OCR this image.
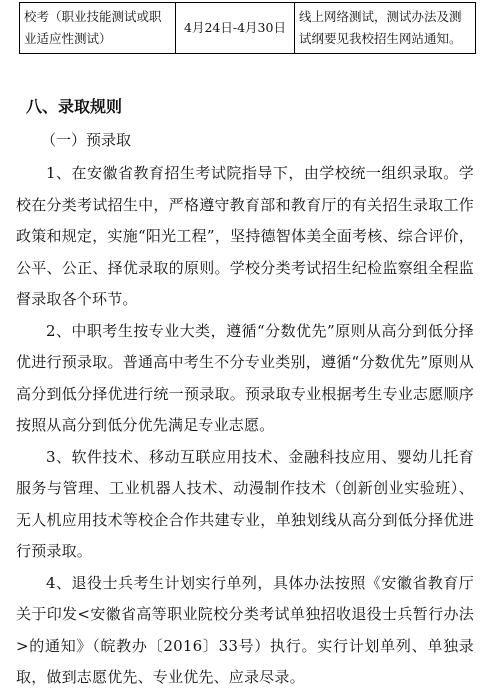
校考（职业技能测试或职业适应性测试）	4月24日-4月30日	线上网络测试，测试办法及测试纲要见我校招生网站通知。
八、录取规则
（一）预录取

1、在安徽省教育招生考试院指导下，由学校统一组织录取。学校在分类考试招生中，严格遵守教育部和教育厅的有关招生录取工作政策和规定，实施“阳光工程”，坚持德智体美全面考核、综合评价，公平、公正、择优录取的原则。学校分类考试招生纪检监察组全程监督录取各个环节。

2、中职考生按专业大类，遵循“分数优先”原则从高分到低分择优进行预录取。普通高中考生不分专业类别，遵循“分数优先”原则从高分到低分择优进行统一预录取。预录取专业根据考生专业志愿顺序按照从高分到低分优先满足专业志愿。

3、软件技术、移动互联应用技术、金融科技应用、婴幼儿托育服务与管理、工业机器人技术、动漫制作技术（创新创业实验班）、无人机应用技术等校企合作共建专业，单独划线从高分到低分择优进行预录取。

4、退役士兵考生计划实行单列，具体办法按照《安徽省教育厅关于印发<安徽省高等职业院校分类考试单独招收退役士兵暂行办法>的通知》（皖教办〔2016〕33号）执行。实行计划单列、单独录取，做到志愿优先、专业优先、应录尽录。
